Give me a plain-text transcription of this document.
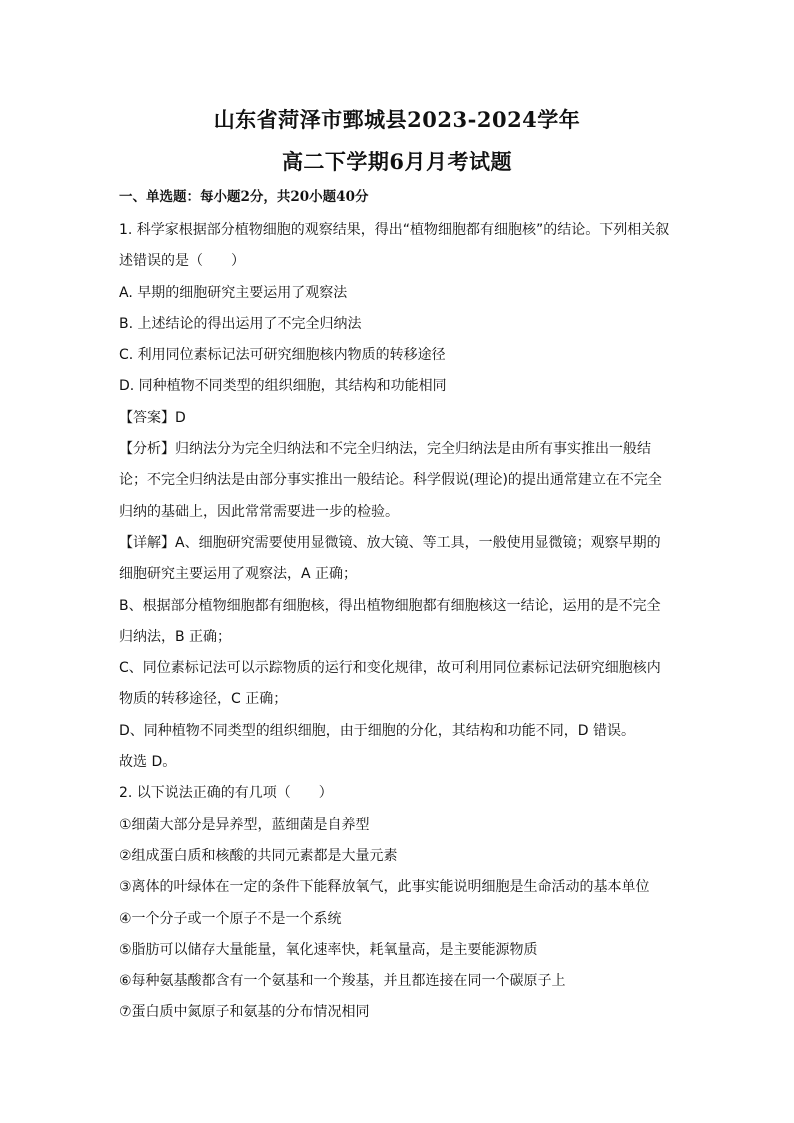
山东省菏泽市鄄城县2023-2024学年
高二下学期6月月考试题
一、单选题：每小题2分，共20小题40分

1. 科学家根据部分植物细胞的观察结果，得出“植物细胞都有细胞核”的结论。下列相关叙

述错误的是（　　）

A. 早期的细胞研究主要运用了观察法

B. 上述结论的得出运用了不完全归纳法

C. 利用同位素标记法可研究细胞核内物质的转移途径

D. 同种植物不同类型的组织细胞，其结构和功能相同

【答案】D

【分析】归纳法分为完全归纳法和不完全归纳法，完全归纳法是由所有事实推出一般结

论；不完全归纳法是由部分事实推出一般结论。科学假说(理论)的提出通常建立在不完全

归纳的基础上，因此常常需要进一步的检验。

【详解】A、细胞研究需要使用显微镜、放大镜、等工具，一般使用显微镜；观察早期的

细胞研究主要运用了观察法，A 正确；

B、根据部分植物细胞都有细胞核，得出植物细胞都有细胞核这一结论，运用的是不完全

归纳法，B 正确；

C、同位素标记法可以示踪物质的运行和变化规律，故可利用同位素标记法研究细胞核内

物质的转移途径，C 正确；

D、同种植物不同类型的组织细胞，由于细胞的分化，其结构和功能不同，D 错误。

故选 D。

2. 以下说法正确的有几项（　　）

①细菌大部分是异养型，蓝细菌是自养型

②组成蛋白质和核酸的共同元素都是大量元素

③离体的叶绿体在一定的条件下能释放氧气，此事实能说明细胞是生命活动的基本单位

④一个分子或一个原子不是一个系统

⑤脂肪可以储存大量能量，氧化速率快，耗氧量高，是主要能源物质

⑥每种氨基酸都含有一个氨基和一个羧基，并且都连接在同一个碳原子上

⑦蛋白质中氮原子和氨基的分布情况相同
